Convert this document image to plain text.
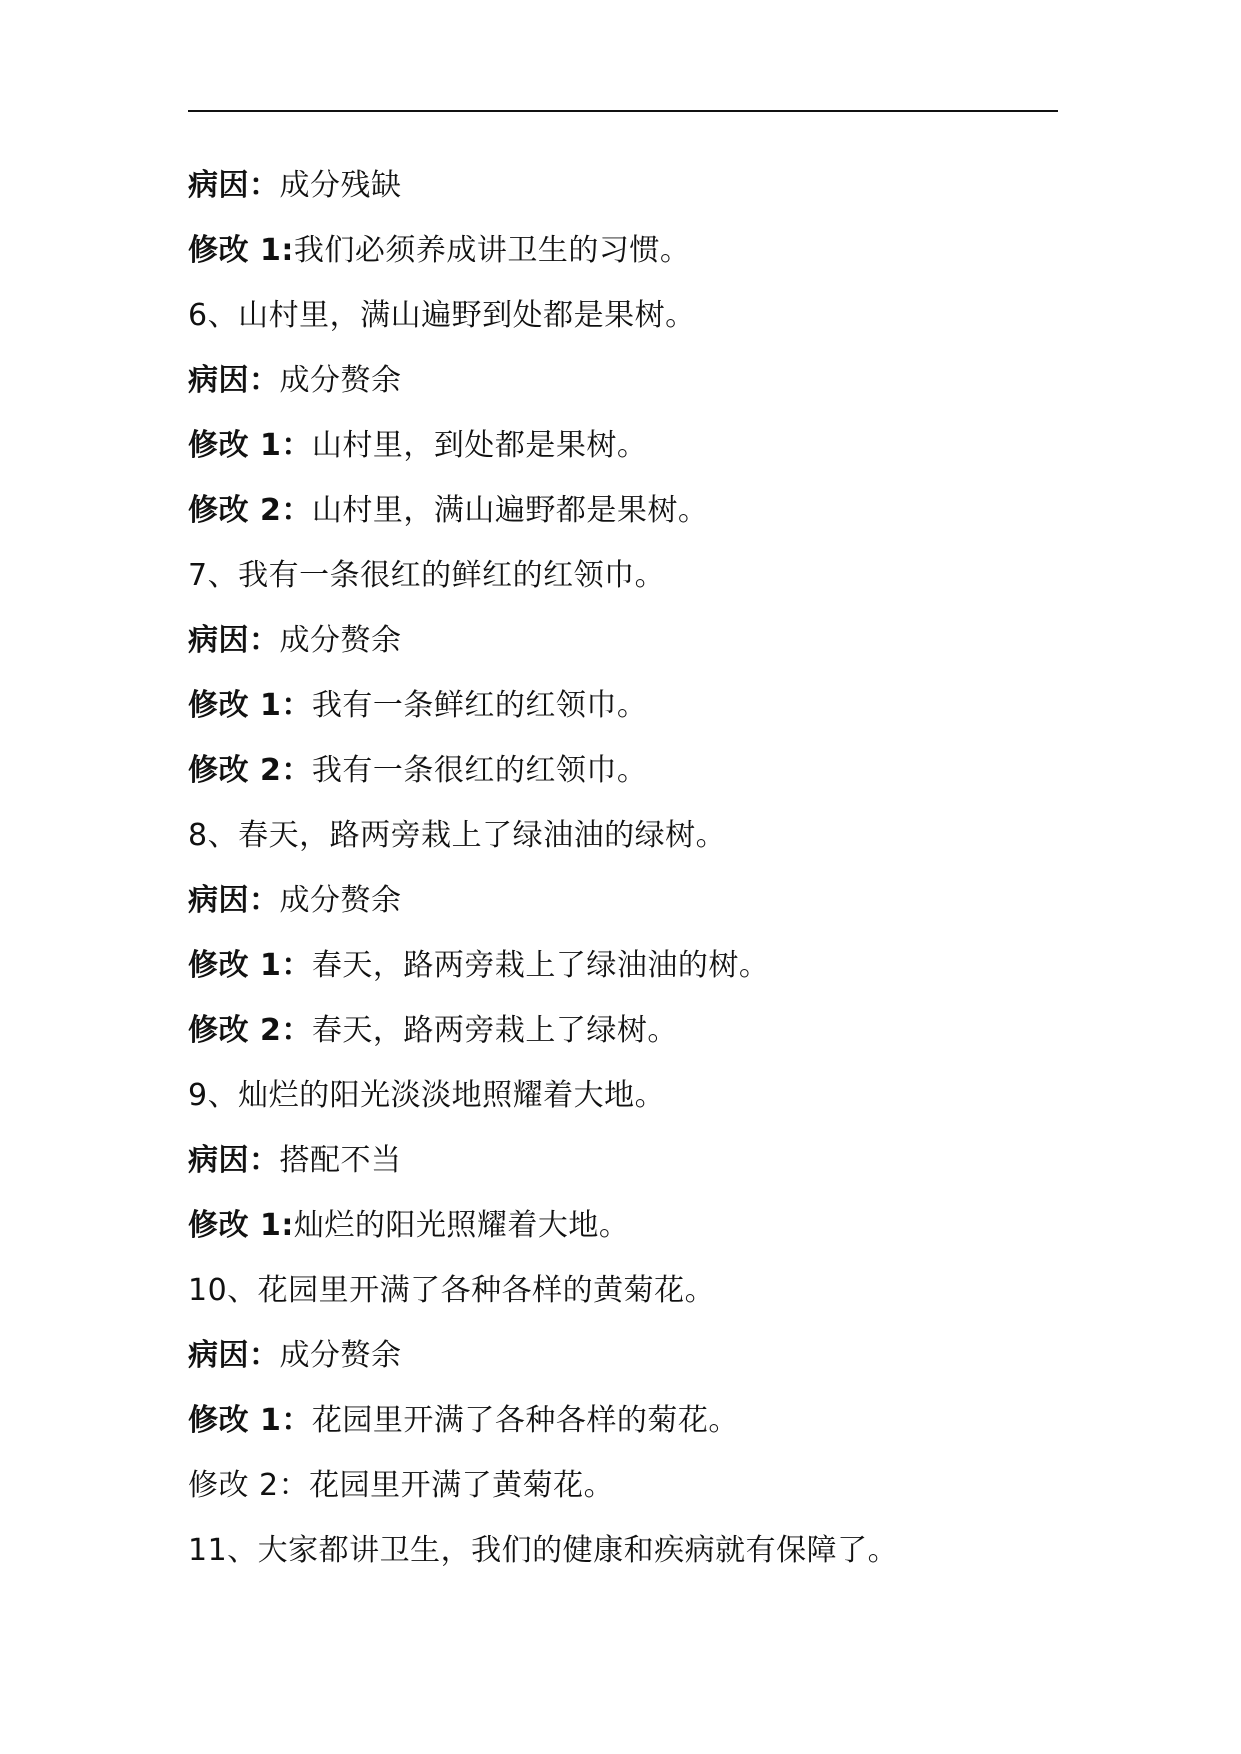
病因：成分残缺
修改 1:我们必须养成讲卫生的习惯。
6、山村里，满山遍野到处都是果树。
病因：成分赘余
修改 1：山村里，到处都是果树。
修改 2：山村里，满山遍野都是果树。
7、我有一条很红的鲜红的红领巾。
病因：成分赘余
修改 1：我有一条鲜红的红领巾。
修改 2：我有一条很红的红领巾。
8、春天，路两旁栽上了绿油油的绿树。
病因：成分赘余
修改 1：春天，路两旁栽上了绿油油的树。
修改 2：春天，路两旁栽上了绿树。
9、灿烂的阳光淡淡地照耀着大地。
病因：搭配不当
修改 1:灿烂的阳光照耀着大地。
10、花园里开满了各种各样的黄菊花。
病因：成分赘余
修改 1：花园里开满了各种各样的菊花。
修改 2：花园里开满了黄菊花。
11、大家都讲卫生，我们的健康和疾病就有保障了。
